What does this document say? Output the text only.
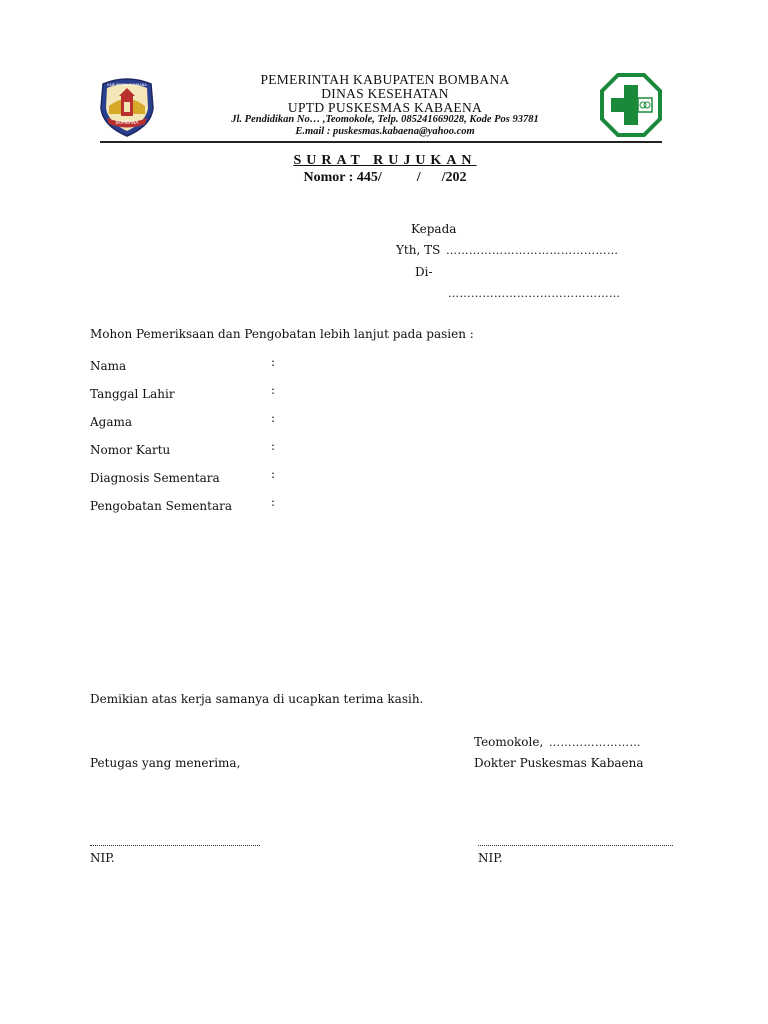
BOMBANA
KABUPATEN BOMBANA	PEMERINTAH KABUPATEN BOMBANA
DINAS KESEHATAN
UPTD PUSKESMAS KABAENA
Jl. Pendidikan No… ,Teomokole, Telp. 085241669028, Kode Pos 93781
E.mail : puskesmas.kabaena@yahoo.com
SURAT RUJUKAN
Nomor : 445/          /      /202
Kepada
Yth, TS ………………………………………
Di-
………………………………………
Mohon Pemeriksaan dan Pengobatan lebih lanjut pada pasien :
Nama	:
Tanggal Lahir	:
Agama	:
Nomor Kartu	:
Diagnosis Sementara	:
Pengobatan Sementara	:
Demikian atas kerja samanya di ucapkan terima kasih.
Teomokole, ……………………
Petugas yang menerima,	Dokter Puskesmas Kabaena
NIP.	NIP.
